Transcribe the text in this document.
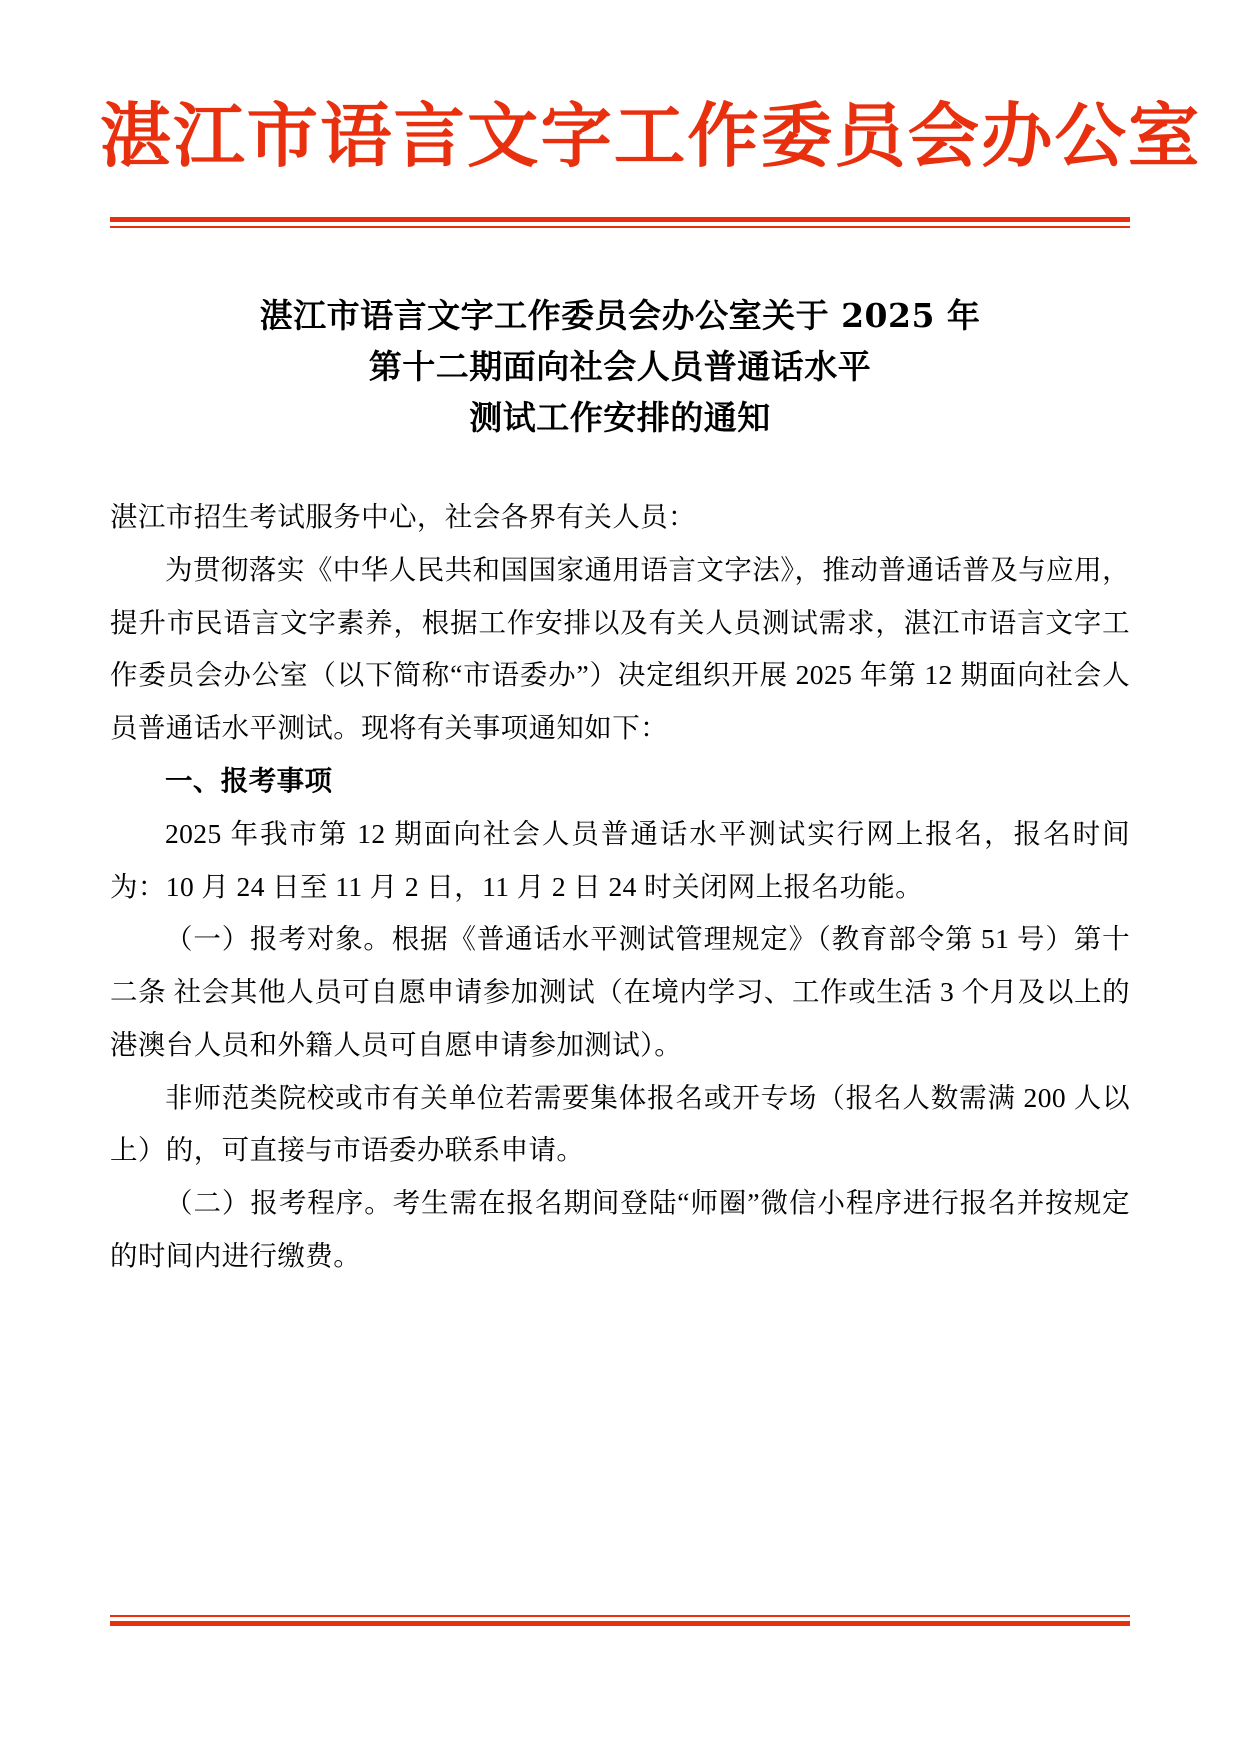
湛江市语言文字工作委员会办公室
湛江市语言文字工作委员会办公室关于 2025 年
第十二期面向社会人员普通话水平
测试工作安排的通知

湛江市招生考试服务中心，社会各界有关人员：

为贯彻落实《中华人民共和国国家通用语言文字法》，推动普通话普及与应用，提升市民语言文字素养，根据工作安排以及有关人员测试需求，湛江市语言文字工作委员会办公室（以下简称“市语委办”）决定组织开展 2025 年第 12 期面向社会人员普通话水平测试。现将有关事项通知如下：

一、报考事项

2025 年我市第 12 期面向社会人员普通话水平测试实行网上报名，报名时间为：10 月 24 日至 11 月 2 日，11 月 2 日 24 时关闭网上报名功能。

（一）报考对象。根据《普通话水平测试管理规定》（教育部令第 51 号）第十二条 社会其他人员可自愿申请参加测试（在境内学习、工作或生活 3 个月及以上的港澳台人员和外籍人员可自愿申请参加测试）。

非师范类院校或市有关单位若需要集体报名或开专场（报名人数需满 200 人以上）的，可直接与市语委办联系申请。

（二）报考程序。考生需在报名期间登陆“师圈”微信小程序进行报名并按规定的时间内进行缴费。
